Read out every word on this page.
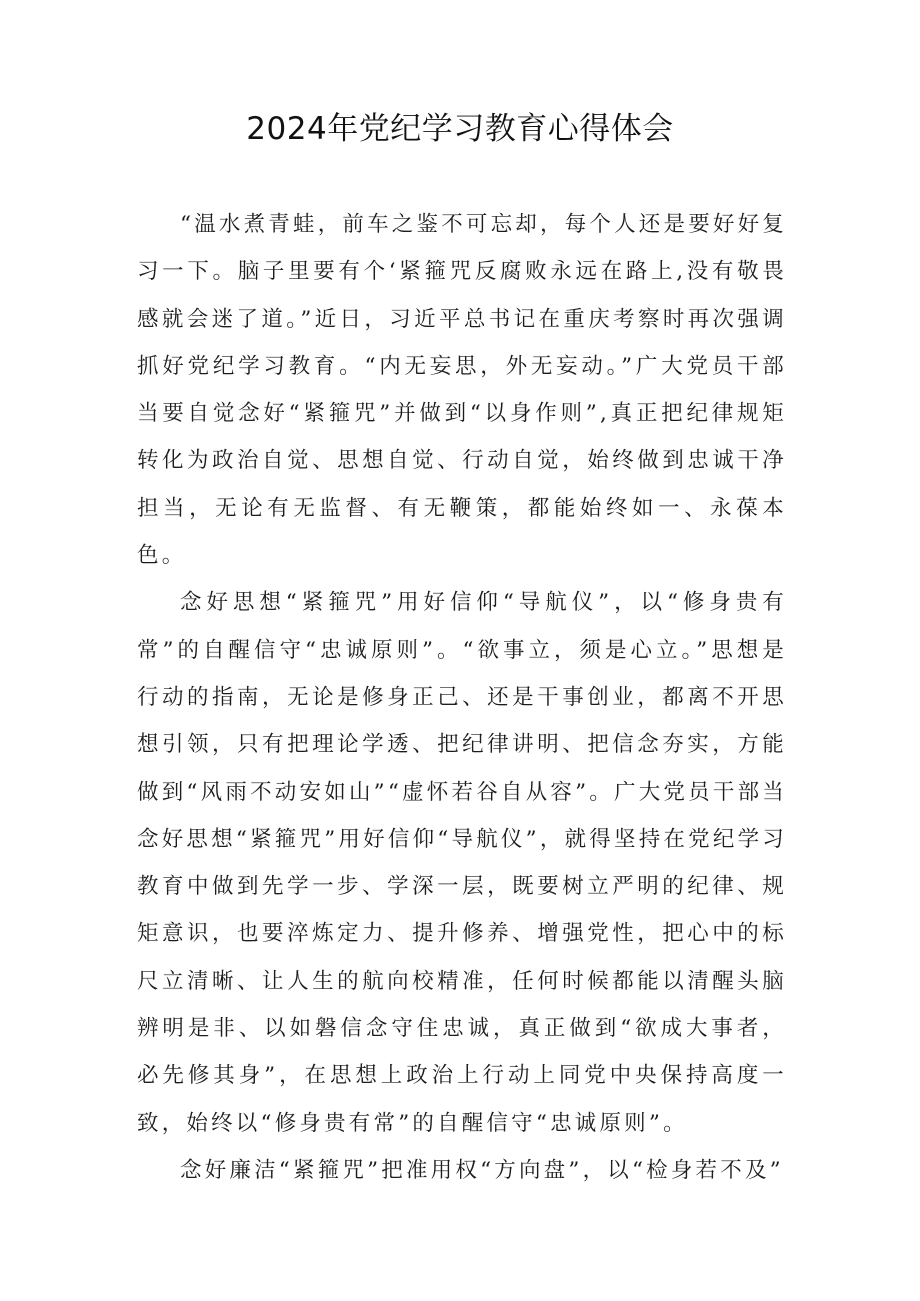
2024年党纪学习教育心得体会

“温水煮青蛙，前车之鉴不可忘却，每个人还是要好好复习一下。脑子里要有个‘紧箍咒反腐败永远在路上,没有敬畏感就会迷了道。”近日，习近平总书记在重庆考察时再次强调抓好党纪学习教育。“内无妄思，外无妄动。”广大党员干部当要自觉念好“紧箍咒”并做到“以身作则”,真正把纪律规矩转化为政治自觉、思想自觉、行动自觉，始终做到忠诚干净担当，无论有无监督、有无鞭策，都能始终如一、永葆本色。

念好思想“紧箍咒”用好信仰“导航仪”，以“修身贵有常”的自醒信守“忠诚原则”。“欲事立，须是心立。”思想是行动的指南，无论是修身正己、还是干事创业，都离不开思想引领，只有把理论学透、把纪律讲明、把信念夯实，方能做到“风雨不动安如山”“虚怀若谷自从容”。广大党员干部当念好思想“紧箍咒”用好信仰“导航仪”，就得坚持在党纪学习教育中做到先学一步、学深一层，既要树立严明的纪律、规矩意识，也要淬炼定力、提升修养、增强党性，把心中的标尺立清晰、让人生的航向校精准，任何时候都能以清醒头脑辨明是非、以如磐信念守住忠诚，真正做到“欲成大事者，必先修其身”，在思想上政治上行动上同党中央保持高度一致，始终以“修身贵有常”的自醒信守“忠诚原则”。

念好廉洁“紧箍咒”把准用权“方向盘”，以“检身若不及”
